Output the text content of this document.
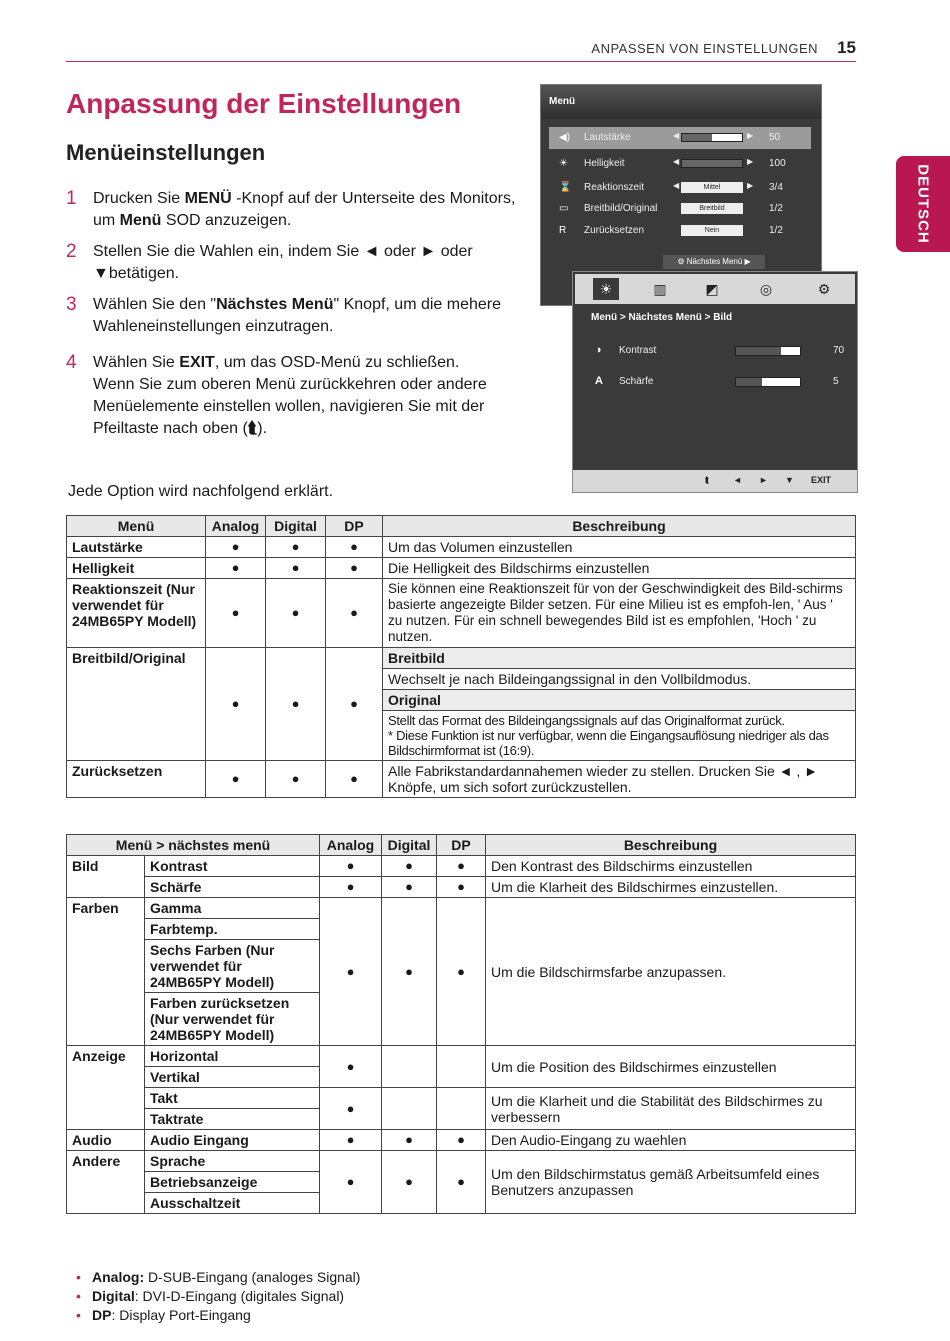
ANPASSEN VON EINSTELLUNGEN 15
DEUTSCH
Anpassung der Einstellungen
Menüeinstellungen
1 Drucken Sie MENÜ -Knopf auf der Unterseite des Monitors, um Menü SOD anzuzeigen.
2 Stellen Sie die Wahlen ein, indem Sie ◄ oder ► oder ▼betätigen.
3 Wählen Sie den "Nächstes Menü" Knopf, um die mehere Wahleneinstellungen einzutragen.
4 Wählen Sie EXIT, um das OSD-Menü zu schließen.
Wenn Sie zum oberen Menü zurückkehren oder andere Menüelemente einstellen wollen, navigieren Sie mit der Pfeiltaste nach oben (⮬).
Jede Option wird nachfolgend erklärt.
Menü
◀) Lautstärke	◀	▶ 50
☀ Helligkeit	◀	▶ 100
⌛ Reaktionszeit	◀	Mittel	▶ 3/4
▭ Breitbild/Original	Breitbild	1/2
R Zurücksetzen	Nein	1/2
⚙ Nächstes Menü ▶
☀	▥	◩	◎	⚙
Menü > Nächstes Menü > Bild
◑ Kontrast	70
A Schärfe	5
⮬	◄ ► ▼ EXIT
Menü	Analog	Digital	DP	Beschreibung
Lautstärke	●	●	●	Um das Volumen einzustellen
Helligkeit	●	●	●	Die Helligkeit des Bildschirms einzustellen
Reaktionszeit (Nur verwendet für 24MB65PY Modell)	●	●	●	Sie können eine Reaktionszeit für von der Geschwindigkeit des Bild-schirms basierte angezeigte Bilder setzen. Für eine Milieu ist es empfoh-len, ' Aus ' zu nutzen. Für ein schnell bewegendes Bild ist es empfohlen, 'Hoch ' zu nutzen.
Breitbild/Original	●	●	●	Breitbild
				Wechselt je nach Bildeingangssignal in den Vollbildmodus.
				Original
				Stellt das Format des Bildeingangssignals auf das Originalformat zurück.
* Diese Funktion ist nur verfügbar, wenn die Eingangsauflösung niedriger als das Bildschirmformat ist (16:9).
Zurücksetzen	●	●	●	Alle Fabrikstandardannahemen wieder zu stellen. Drucken Sie ◄ , ► Knöpfe, um sich sofort zurückzustellen.
Menü > nächstes menü		Analog	Digital	DP	Beschreibung
Bild	Kontrast	●	●	●	Den Kontrast des Bildschirms einzustellen
	Schärfe	●	●	●	Um die Klarheit des Bildschirmes einzustellen.
Farben	Gamma	●	●	●	Um die Bildschirmsfarbe anzupassen.
	Farbtemp.				
	Sechs Farben (Nur verwendet für 24MB65PY Modell)				
	Farben zurücksetzen (Nur verwendet für 24MB65PY Modell)				
Anzeige	Horizontal	●			Um die Position des Bildschirmes einzustellen
	Vertikal				
	Takt	●			Um die Klarheit und die Stabilität des Bildschirmes zu verbessern
	Taktrate				
Audio	Audio Eingang	●	●	●	Den Audio-Eingang zu waehlen
Andere	Sprache	●	●	●	Um den Bildschirmstatus gemäß Arbeitsumfeld eines Benutzers anzupassen
	Betriebsanzeige				
	Ausschaltzeit				
• Analog: D-SUB-Eingang (analoges Signal)
• Digital: DVI-D-Eingang (digitales Signal)
• DP: Display Port-Eingang
